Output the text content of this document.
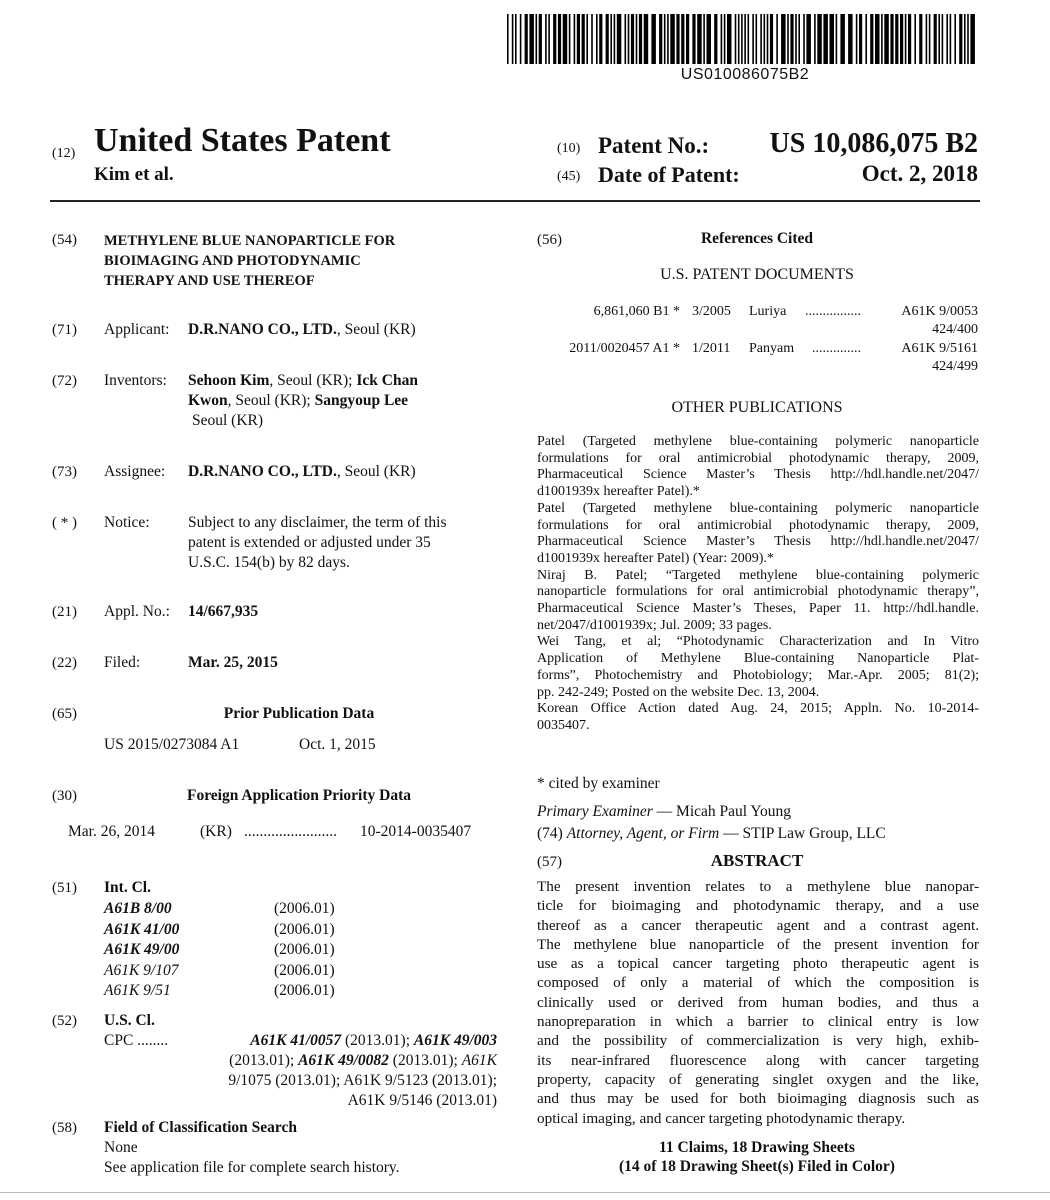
US010086075B2
(12) United States Patent
Kim et al.
(10) Patent No.:	US 10,086,075 B2
(45) Date of Patent:	Oct. 2, 2018
(54) METHYLENE BLUE NANOPARTICLE FOR
BIOIMAGING AND PHOTODYNAMIC
THERAPY AND USE THEREOF
(71) Applicant: D.R.NANO CO., LTD., Seoul (KR)
(72) Inventors: Sehoon Kim, Seoul (KR); Ick Chan
Kwon, Seoul (KR); Sangyoup Lee
Seoul (KR)
(73) Assignee: D.R.NANO CO., LTD., Seoul (KR)
( * ) Notice: Subject to any disclaimer, the term of this
patent is extended or adjusted under 35
U.S.C. 154(b) by 82 days.
(21) Appl. No.: 14/667,935
(22) Filed:	Mar. 25, 2015
(65)	Prior Publication Data
US 2015/0273084 A1	Oct. 1, 2015
(30)	Foreign Application Priority Data
Mar. 26, 2014	(KR) ........................ 10-2014-0035407
(51) Int. Cl.
A61B 8/00	(2006.01)
A61K 41/00	(2006.01)
A61K 49/00	(2006.01)
A61K 9/107	(2006.01)
A61K 9/51	(2006.01)
(52) U.S. Cl.
CPC ........	A61K 41/0057 (2013.01); A61K 49/003
(2013.01); A61K 49/0082 (2013.01); A61K
9/1075 (2013.01); A61K 9/5123 (2013.01);
A61K 9/5146 (2013.01)
(58) Field of Classification Search
None
See application file for complete search history.
(56)	References Cited
U.S. PATENT DOCUMENTS
6,861,060 B1 * 3/2005 Luriya ................	A61K 9/0053
424/400
2011/0020457 A1 * 1/2011 Panyam ..............	A61K 9/5161
424/499
OTHER PUBLICATIONS
Patel (Targeted methylene blue-containing polymeric nanoparticle
formulations for oral antimicrobial photodynamic therapy, 2009,
Pharmaceutical Science Master’s Thesis http://hdl.handle.net/2047/
d1001939x hereafter Patel).*
Patel (Targeted methylene blue-containing polymeric nanoparticle
formulations for oral antimicrobial photodynamic therapy, 2009,
Pharmaceutical Science Master’s Thesis http://hdl.handle.net/2047/
d1001939x hereafter Patel) (Year: 2009).*
Niraj B. Patel; “Targeted methylene blue-containing polymeric
nanoparticle formulations for oral antimicrobial photodynamic therapy”,
Pharmaceutical Science Master’s Theses, Paper 11. http://hdl.handle.
net/2047/d1001939x; Jul. 2009; 33 pages.
Wei Tang, et al; “Photodynamic Characterization and In Vitro
Application of Methylene Blue-containing Nanoparticle Plat-
forms”, Photochemistry and Photobiology; Mar.-Apr. 2005; 81(2);
pp. 242-249; Posted on the website Dec. 13, 2004.
Korean Office Action dated Aug. 24, 2015; Appln. No. 10-2014-
0035407.
* cited by examiner
Primary Examiner — Micah Paul Young
(74) Attorney, Agent, or Firm — STIP Law Group, LLC
(57)	ABSTRACT
The present invention relates to a methylene blue nanopar-
ticle for bioimaging and photodynamic therapy, and a use
thereof as a cancer therapeutic agent and a contrast agent.
The methylene blue nanoparticle of the present invention for
use as a topical cancer targeting photo therapeutic agent is
composed of only a material of which the composition is
clinically used or derived from human bodies, and thus a
nanopreparation in which a barrier to clinical entry is low
and the possibility of commercialization is very high, exhib-
its near-infrared fluorescence along with cancer targeting
property, capacity of generating singlet oxygen and the like,
and thus may be used for both bioimaging diagnosis such as
optical imaging, and cancer targeting photodynamic therapy.
11 Claims, 18 Drawing Sheets
(14 of 18 Drawing Sheet(s) Filed in Color)
